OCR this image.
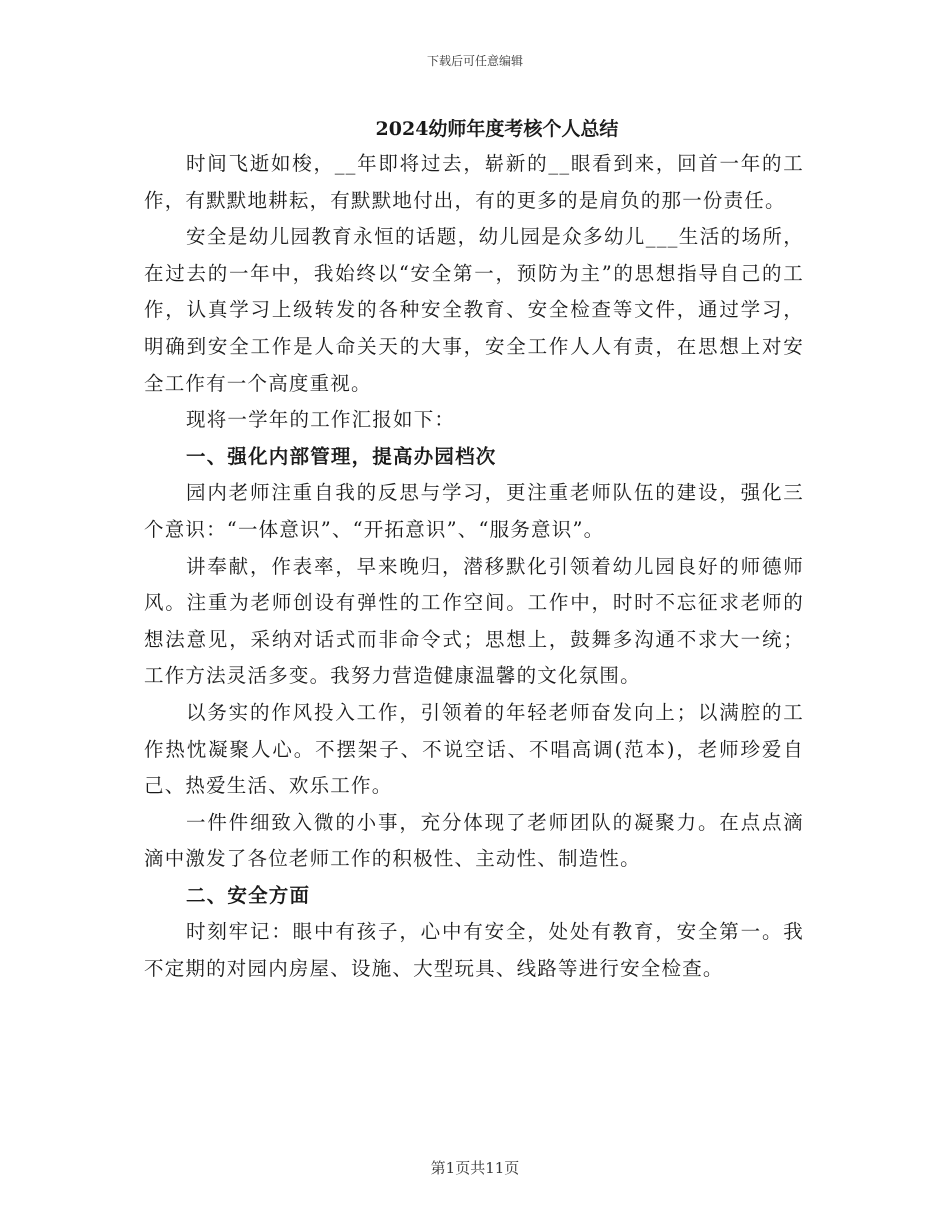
下载后可任意编辑
2024幼师年度考核个人总结

时间飞逝如梭，__年即将过去，崭新的__眼看到来，回首一年的工作，有默默地耕耘，有默默地付出，有的更多的是肩负的那一份责任。

安全是幼儿园教育永恒的话题，幼儿园是众多幼儿___生活的场所，在过去的一年中，我始终以“安全第一，预防为主”的思想指导自己的工作，认真学习上级转发的各种安全教育、安全检查等文件，通过学习，明确到安全工作是人命关天的大事，安全工作人人有责，在思想上对安全工作有一个高度重视。

现将一学年的工作汇报如下：

一、强化内部管理，提高办园档次

园内老师注重自我的反思与学习，更注重老师队伍的建设，强化三个意识：“一体意识”、“开拓意识”、“服务意识”。

讲奉献，作表率，早来晚归，潜移默化引领着幼儿园良好的师德师风。注重为老师创设有弹性的工作空间。工作中，时时不忘征求老师的想法意见，采纳对话式而非命令式；思想上，鼓舞多沟通不求大一统；工作方法灵活多变。我努力营造健康温馨的文化氛围。

以务实的作风投入工作，引领着的年轻老师奋发向上；以满腔的工作热忱凝聚人心。不摆架子、不说空话、不唱高调(范本)，老师珍爱自己、热爱生活、欢乐工作。

一件件细致入微的小事，充分体现了老师团队的凝聚力。在点点滴滴中激发了各位老师工作的积极性、主动性、制造性。

二、安全方面

时刻牢记：眼中有孩子，心中有安全，处处有教育，安全第一。我不定期的对园内房屋、设施、大型玩具、线路等进行安全检查。

第1页共11页
